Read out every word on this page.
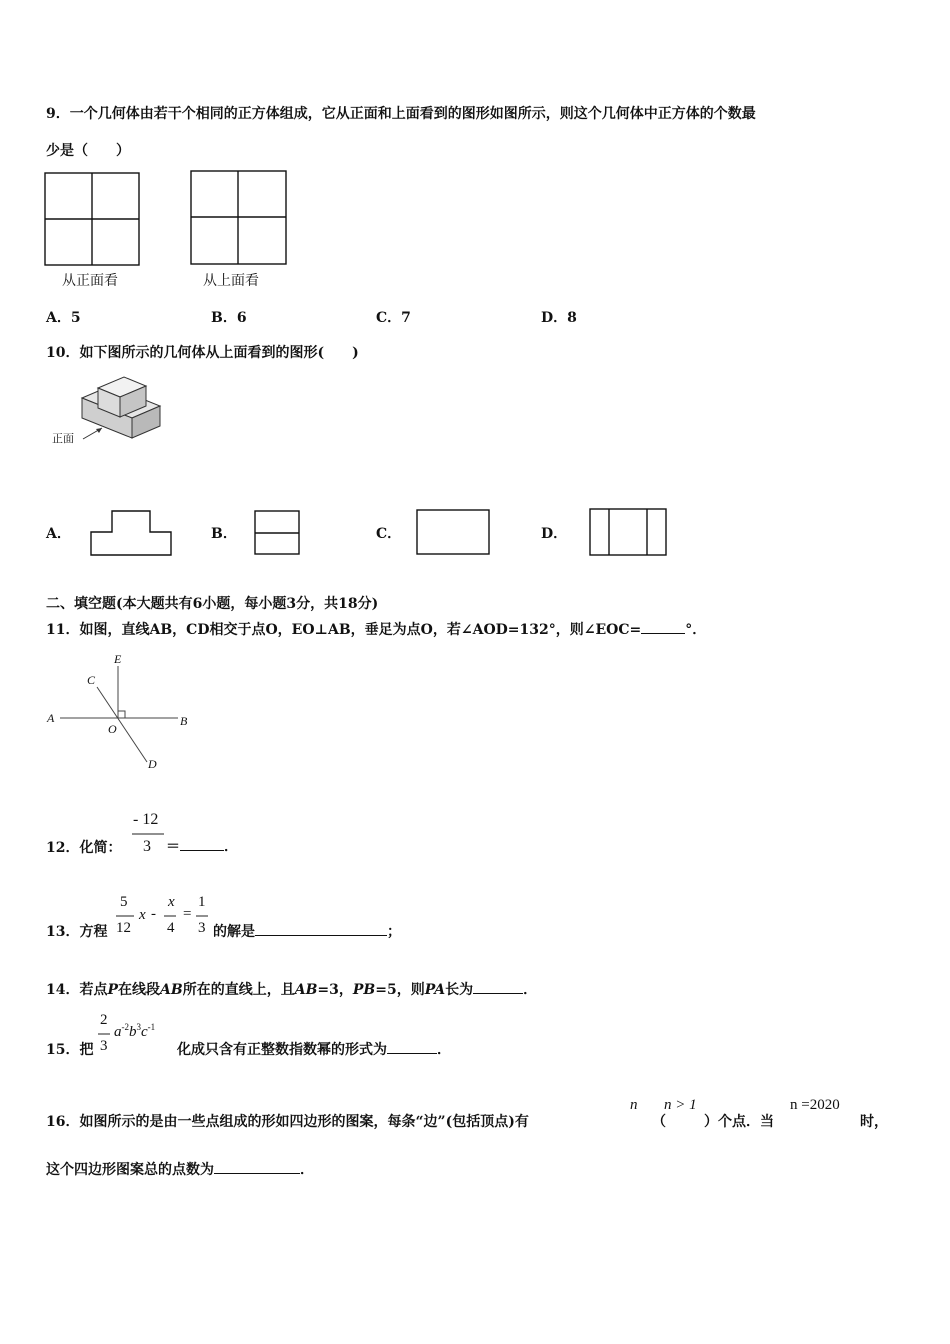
9．一个几何体由若干个相同的正方体组成，它从正面和上面看到的图形如图所示，则这个几何体中正方体的个数最
少是（　　）
从正面看	从上面看
A．5	B．6	C．7	D．8
10．如下图所示的几何体从上面看到的图形(　　)
正面
A．	B．	C．	D．
二、填空题(本大题共有6小题，每小题3分，共18分)
11．如图，直线AB，CD相交于点O，EO⊥AB，垂足为点O，若∠AOD=132°，则∠EOC=	°．
A	B
C
D
E
O
12．化简：
- 12
3 ＝	．
13．方程
5
12
x -
x
4
=
1
3 的解是	；
14．若点P在线段AB所在的直线上，且AB=3，PB=5，则PA长为	．
15．把
2
3
$a^{-2}b^3c^{-1}$
化成只含有正整数指数幂的形式为	．
16．如图所示的是由一些点组成的形如四边形的图案，每条“边”(包括顶点)有
n
（
n > 1
）个点．当
n =2020
时，
这个四边形图案总的点数为	．
